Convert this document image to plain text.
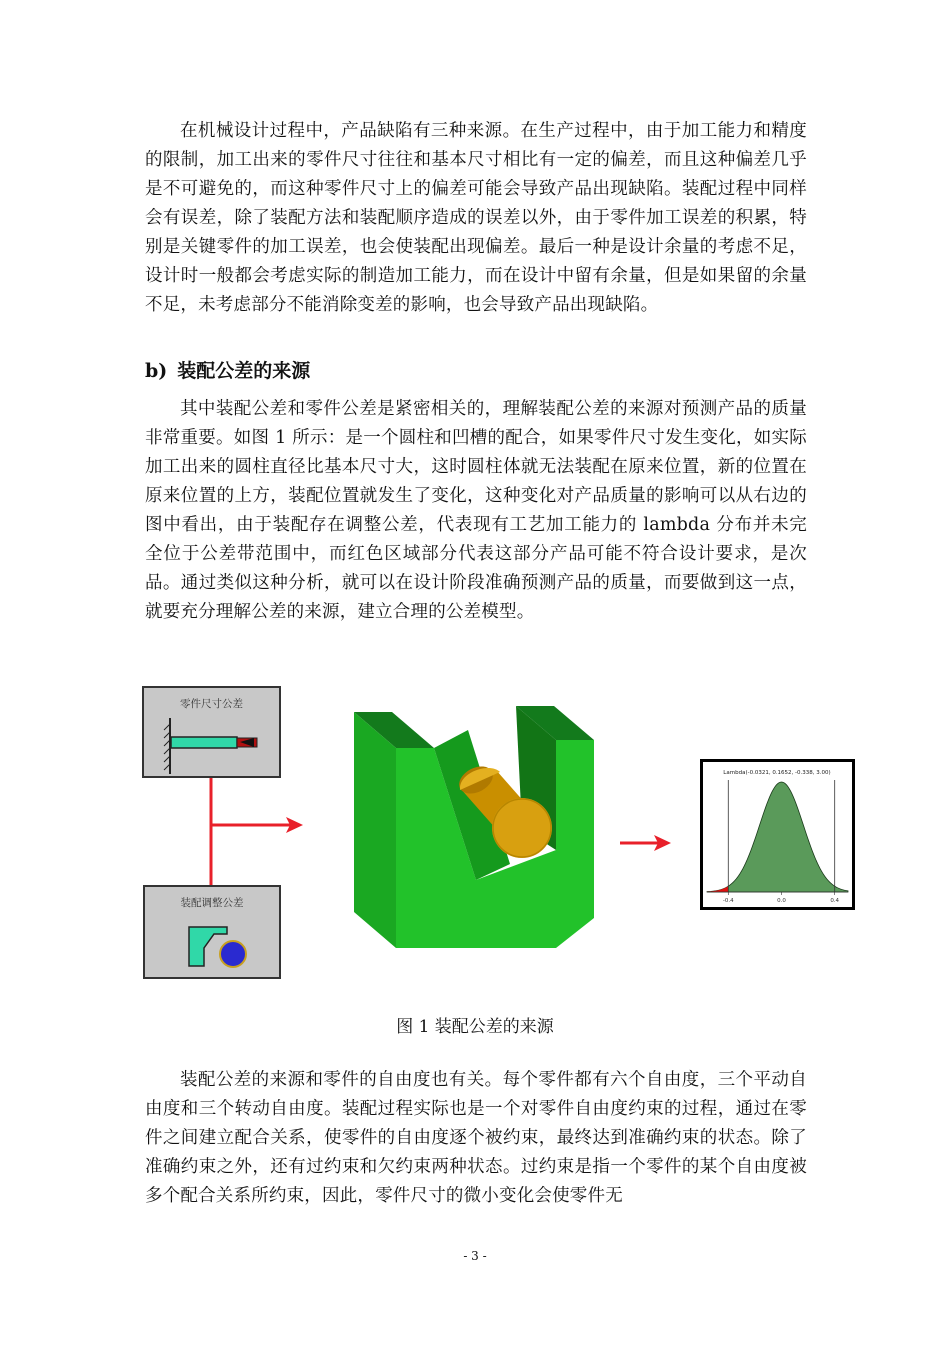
在机械设计过程中，产品缺陷有三种来源。在生产过程中，由于加工能力和精度的限制，加工出来的零件尺寸往往和基本尺寸相比有一定的偏差，而且这种偏差几乎是不可避免的，而这种零件尺寸上的偏差可能会导致产品出现缺陷。装配过程中同样会有误差，除了装配方法和装配顺序造成的误差以外，由于零件加工误差的积累，特别是关键零件的加工误差，也会使装配出现偏差。最后一种是设计余量的考虑不足，设计时一般都会考虑实际的制造加工能力，而在设计中留有余量，但是如果留的余量不足，未考虑部分不能消除变差的影响，也会导致产品出现缺陷。

b) 装配公差的来源

其中装配公差和零件公差是紧密相关的，理解装配公差的来源对预测产品的质量非常重要。如图 1 所示：是一个圆柱和凹槽的配合，如果零件尺寸发生变化，如实际加工出来的圆柱直径比基本尺寸大，这时圆柱体就无法装配在原来位置，新的位置在原来位置的上方，装配位置就发生了变化，这种变化对产品质量的影响可以从右边的图中看出，由于装配存在调整公差，代表现有工艺加工能力的 lambda 分布并未完全位于公差带范围中，而红色区域部分代表这部分产品可能不符合设计要求，是次品。通过类似这种分析，就可以在设计阶段准确预测产品的质量，而要做到这一点，就要充分理解公差的来源，建立合理的公差模型。

零件尺寸公差
装配调整公差
Lambda(-0.0321, 0.1652, -0.338, 3.00)
-0.4	0.0	0.4
图 1 装配公差的来源

装配公差的来源和零件的自由度也有关。每个零件都有六个自由度，三个平动自由度和三个转动自由度。装配过程实际也是一个对零件自由度约束的过程，通过在零件之间建立配合关系，使零件的自由度逐个被约束，最终达到准确约束的状态。除了准确约束之外，还有过约束和欠约束两种状态。过约束是指一个零件的某个自由度被多个配合关系所约束，因此，零件尺寸的微小变化会使零件无

- 3 -
